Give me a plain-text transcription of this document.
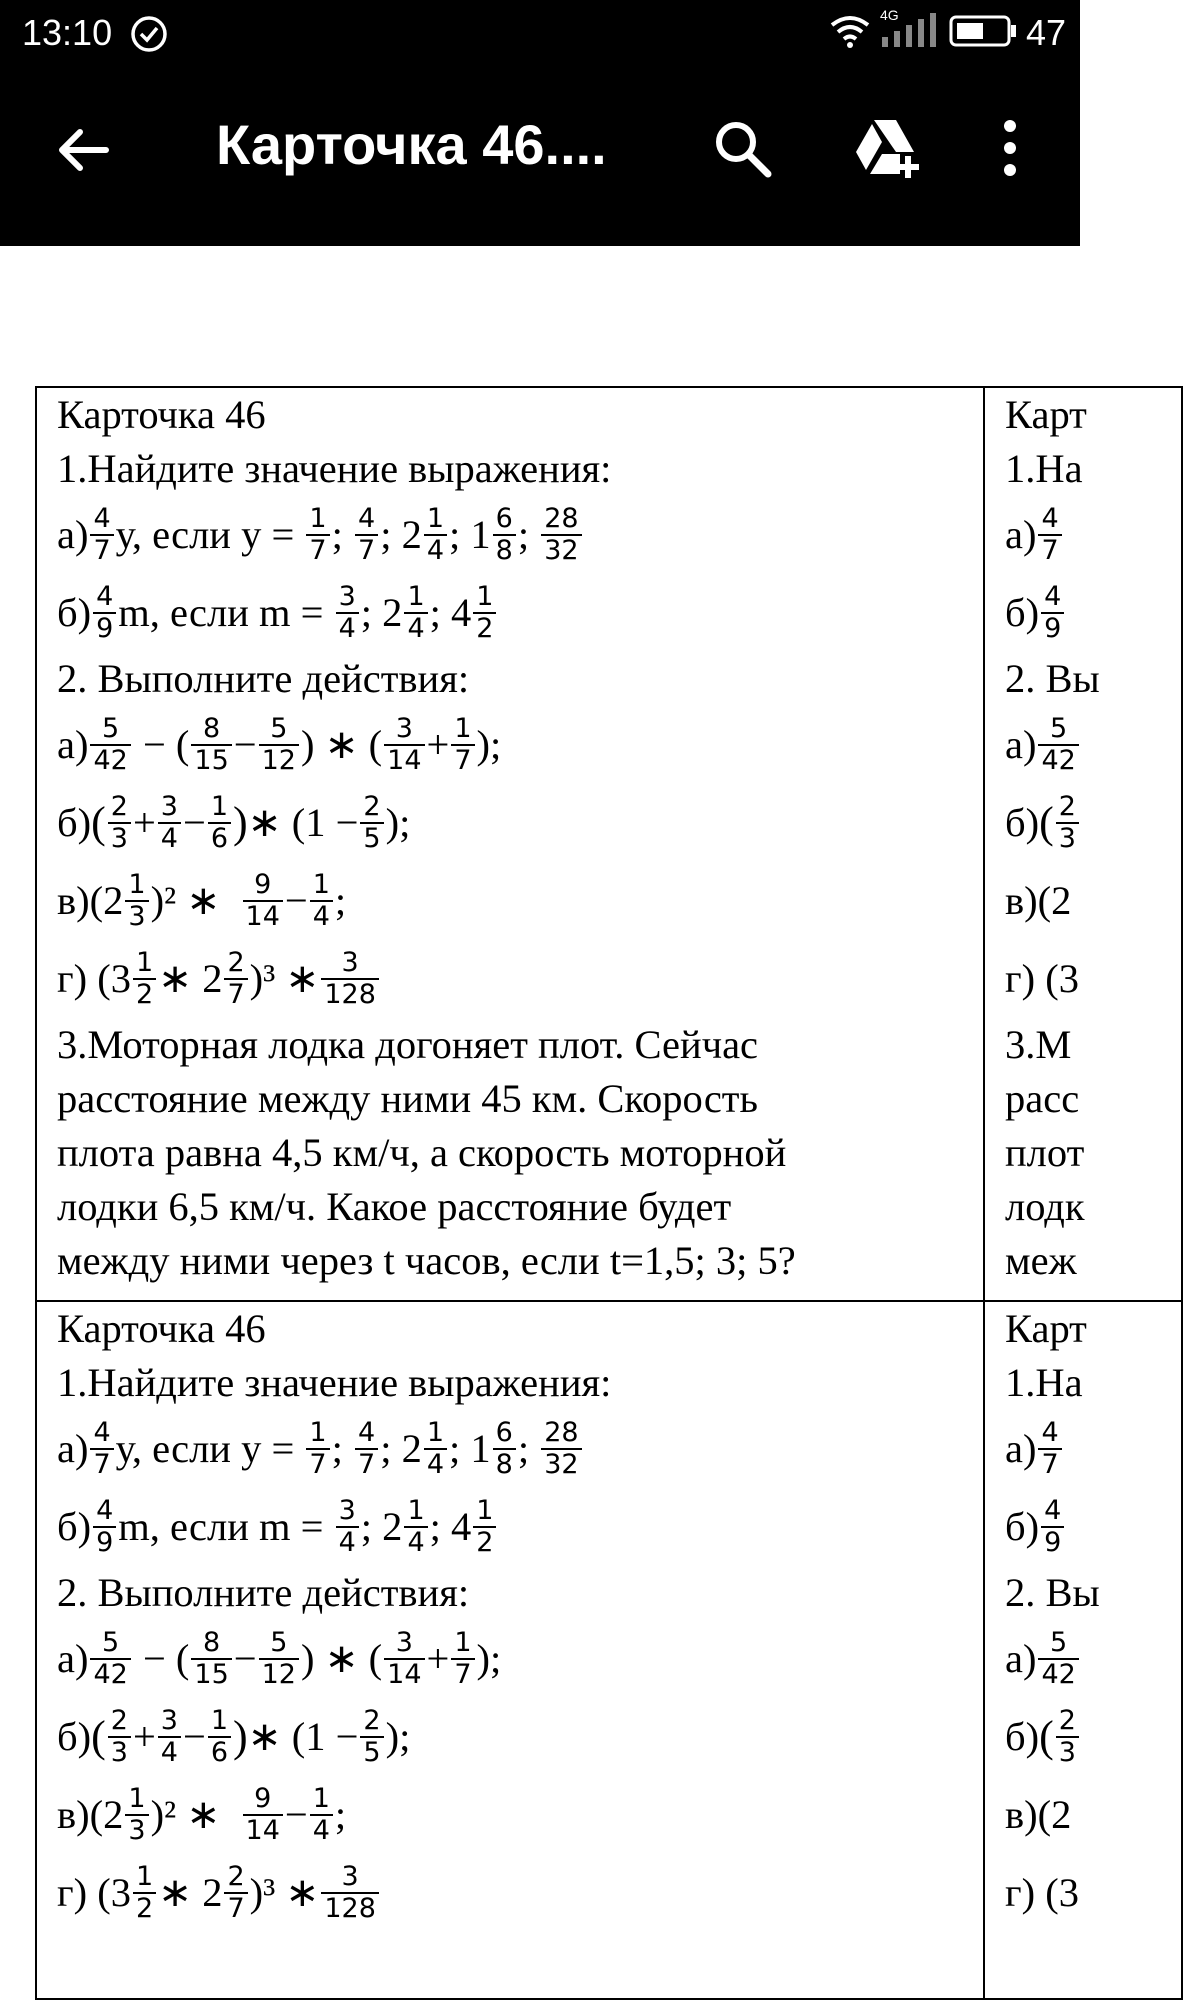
13:10	4G	47
Карточка 46....
Карточка 46
1.Найдите значение выражения:
$а) \frac{4}{7} у$, если у =
$\frac{1}{7}$ ; $\frac{4}{7}$ ; $2 \frac{1}{4}$ ; $1 \frac{6}{8}$ ; $\frac{28}{32}$
$б) \frac{4}{9} m$, если m =
$\frac{3}{4}$ ; $2 \frac{1}{4}$ ; $4 \frac{1}{2}$
2. Выполните действия:
$а) \frac{5}{42}$ − ( $\frac{8}{15} - \frac{5}{12}$ ) ∗ ( $\frac{3}{14} + \frac{1}{7}$ );
б) ( $\frac{2}{3} + \frac{3}{4} - \frac{1}{6}$ ) ∗ ($1 - \frac{2}{5}$ );
в) $(2 \frac{1}{3} )^2$ ∗ $\frac{9}{14} - \frac{1}{4}$ ;
г) ($3 \frac{1}{2}$ ∗ $2 \frac{2}{7} )^3$ ∗ $\frac{3}{128}$
3.Моторная лодка догоняет плот. Сейчас
расстояние между ними 45 км. Скорость
плота равна 4,5 км/ч, а скорость моторной
лодки 6,5 км/ч. Какое расстояние будет
между ними через t часов, если t=1,5; 3; 5?
Карт
1.На
$а) \frac{4}{7}$
$б) \frac{4}{9}$
2. Вы
$а) \frac{5}{42}$
б) ( $\frac{2}{3}$
в)(2
г) (3
3.М
расс
плот
лодк
меж
Карточка 46
1.Найдите значение выражения:
$а) \frac{4}{7} у$, если у =
$\frac{1}{7}$ ; $\frac{4}{7}$ ; $2 \frac{1}{4}$ ; $1 \frac{6}{8}$ ; $\frac{28}{32}$
$б) \frac{4}{9} m$, если m =
$\frac{3}{4}$ ; $2 \frac{1}{4}$ ; $4 \frac{1}{2}$
2. Выполните действия:
$а) \frac{5}{42}$ − ( $\frac{8}{15} - \frac{5}{12}$ ) ∗ ( $\frac{3}{14} + \frac{1}{7}$ );
б) ( $\frac{2}{3} + \frac{3}{4} - \frac{1}{6}$ ) ∗ ($1 - \frac{2}{5}$ );
в) $(2 \frac{1}{3} )^2$ ∗ $\frac{9}{14} - \frac{1}{4}$ ;
г) ($3 \frac{1}{2}$ ∗ $2 \frac{2}{7} )^3$ ∗ $\frac{3}{128}$
Карт
1.На
$а) \frac{4}{7}$
$б) \frac{4}{9}$
2. Вы
$а) \frac{5}{42}$
б) ( $\frac{2}{3}$
в)(2
г) (3
